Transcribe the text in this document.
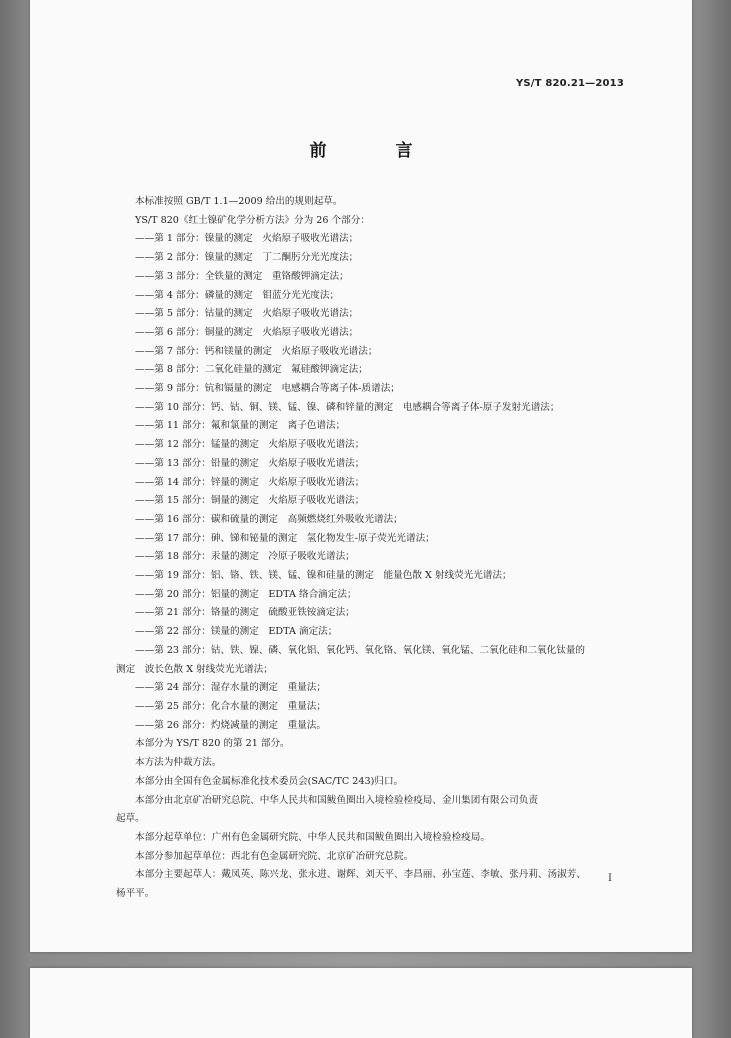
YS/T 820.21—2013
前　言
本标准按照 GB/T 1.1—2009 给出的规则起草。
YS/T 820《红土镍矿化学分析方法》分为 26 个部分：
——第 1 部分：镍量的测定　火焰原子吸收光谱法；
——第 2 部分：镍量的测定　丁二酮肟分光光度法；
——第 3 部分：全铁量的测定　重铬酸钾滴定法；
——第 4 部分：磷量的测定　钼蓝分光光度法；
——第 5 部分：钴量的测定　火焰原子吸收光谱法；
——第 6 部分：铜量的测定　火焰原子吸收光谱法；
——第 7 部分：钙和镁量的测定　火焰原子吸收光谱法；
——第 8 部分：二氧化硅量的测定　氟硅酸钾滴定法；
——第 9 部分：钪和镉量的测定　电感耦合等离子体-质谱法；
——第 10 部分：钙、钴、铜、镁、锰、镍、磷和锌量的测定　电感耦合等离子体-原子发射光谱法；
——第 11 部分：氟和氯量的测定　离子色谱法；
——第 12 部分：锰量的测定　火焰原子吸收光谱法；
——第 13 部分：铅量的测定　火焰原子吸收光谱法；
——第 14 部分：锌量的测定　火焰原子吸收光谱法；
——第 15 部分：铜量的测定　火焰原子吸收光谱法；
——第 16 部分：碳和硫量的测定　高频燃烧红外吸收光谱法；
——第 17 部分：砷、锑和铋量的测定　氢化物发生-原子荧光光谱法；
——第 18 部分：汞量的测定　冷原子吸收光谱法；
——第 19 部分：铝、铬、铁、镁、锰、镍和硅量的测定　能量色散 X 射线荧光光谱法；
——第 20 部分：铝量的测定　EDTA 络合滴定法；
——第 21 部分：铬量的测定　硫酸亚铁铵滴定法；
——第 22 部分：镁量的测定　EDTA 滴定法；
——第 23 部分：钴、铁、镍、磷、氧化铝、氧化钙、氧化铬、氧化镁、氧化锰、二氧化硅和二氧化钛量的
测定　波长色散 X 射线荧光光谱法；
——第 24 部分：湿存水量的测定　重量法；
——第 25 部分：化合水量的测定　重量法；
——第 26 部分：灼烧减量的测定　重量法。
本部分为 YS/T 820 的第 21 部分。
本方法为仲裁方法。
本部分由全国有色金属标准化技术委员会(SAC/TC 243)归口。
本部分由北京矿冶研究总院、中华人民共和国鲅鱼圈出入境检验检疫局、金川集团有限公司负责
起草。
本部分起草单位：广州有色金属研究院、中华人民共和国鲅鱼圈出入境检验检疫局。
本部分参加起草单位：西北有色金属研究院、北京矿冶研究总院。
本部分主要起草人：戴凤英、陈兴龙、张永进、谢辉、刘天平、李昌丽、孙宝莲、李敏、张丹莉、汤淑芳、
杨平平。
I
